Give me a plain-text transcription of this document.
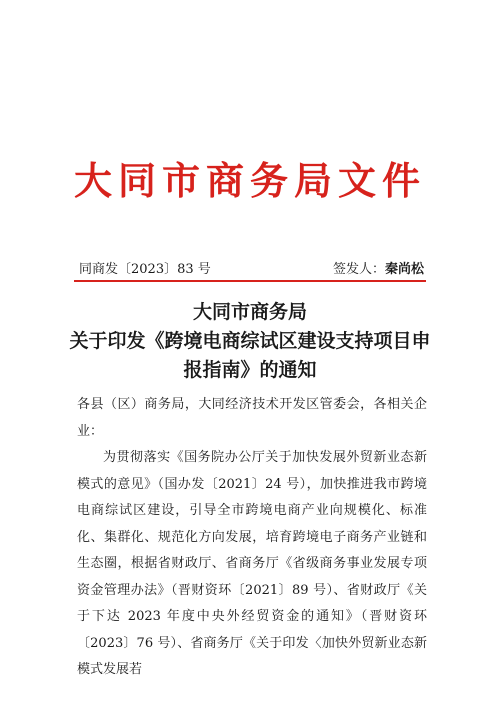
大同市商务局文件
同商发〔2023〕83 号	签发人：秦尚松
大同市商务局
关于印发《跨境电商综试区建设支持项目申
报指南》的通知

各县（区）商务局，大同经济技术开发区管委会，各相关企业：

为贯彻落实《国务院办公厅关于加快发展外贸新业态新模式的意见》（国办发〔2021〕24 号），加快推进我市跨境电商综试区建设，引导全市跨境电商产业向规模化、标准化、集群化、规范化方向发展，培育跨境电子商务产业链和生态圈，根据省财政厅、省商务厅《省级商务事业发展专项资金管理办法》（晋财资环〔2021〕89 号）、省财政厅《关于下达 2023 年度中央外经贸资金的通知》（晋财资环〔2023〕76 号）、省商务厅《关于印发〈加快外贸新业态新模式发展若
